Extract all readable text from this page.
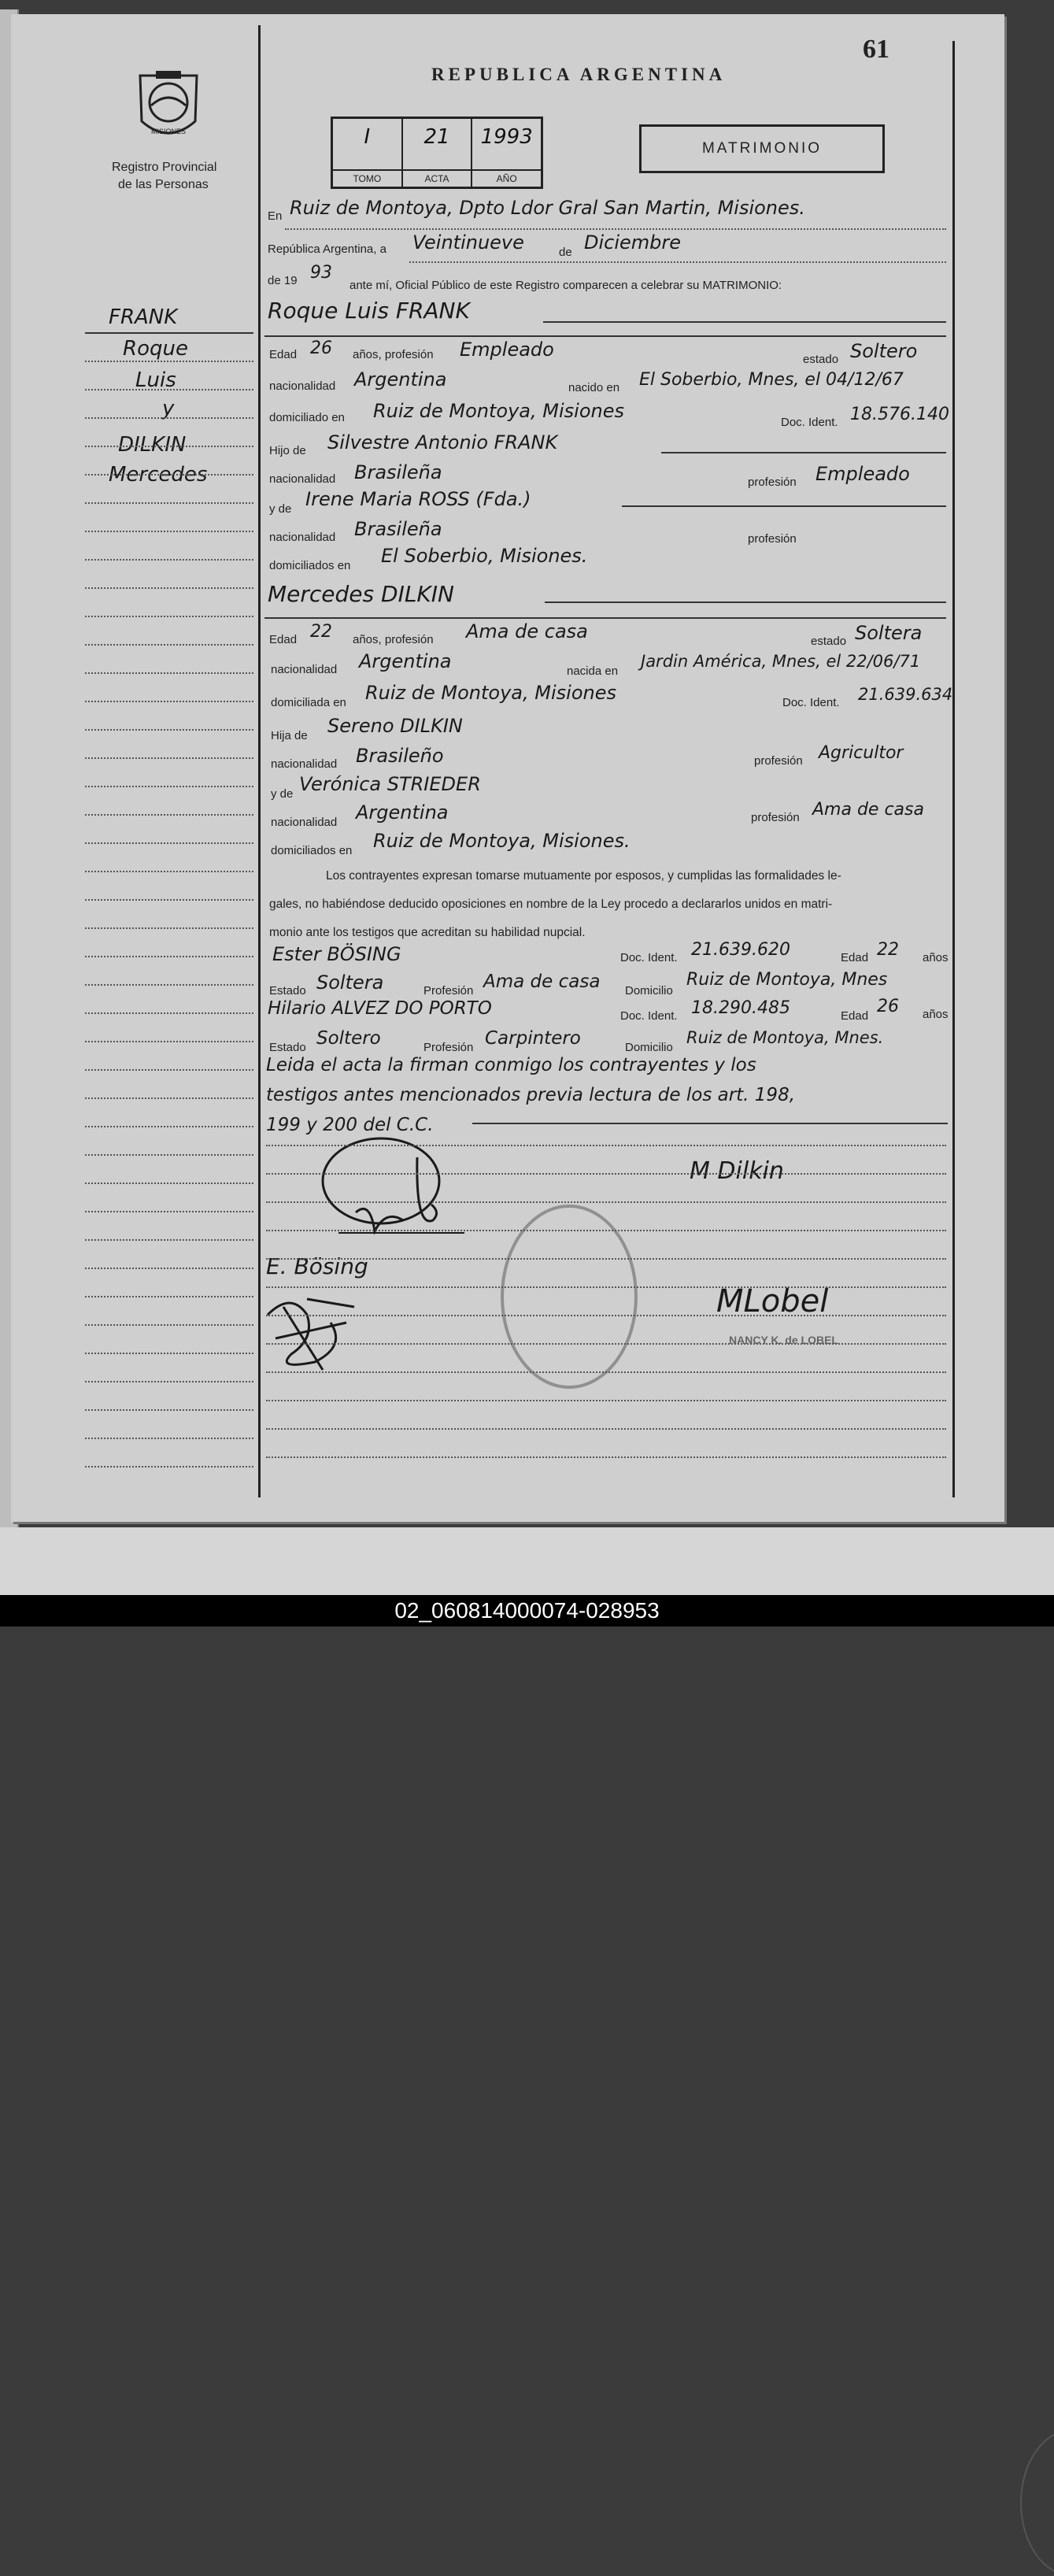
61
REPUBLICA ARGENTINA
MISIONES
Registro Provincial
de las Personas
I
TOMO
21
ACTA
1993
AÑO
MATRIMONIO
FRANK
Roque
Luis
y
DILKIN
Mercedes
En Ruiz de Montoya, Dpto Ldor Gral San Martin, Misiones.
República Argentina, a Veintinueve	de Diciembre
de 19 93
ante mí, Oficial Público de este Registro comparecen a celebrar su MATRIMONIO:
Roque Luis FRANK
Edad 26 años, profesión Empleado	estado Soltero
nacionalidad Argentina	nacido en El Soberbio, Mnes, el 04/12/67
domiciliado en Ruiz de Montoya, Misiones
Doc. Ident. 18.576.140
Hijo de Silvestre Antonio FRANK
nacionalidad Brasileña	profesión Empleado
y de Irene Maria ROSS (Fda.)
nacionalidad Brasileña	profesión
domiciliados en El Soberbio, Misiones.
Mercedes DILKIN
Edad 22 años, profesión Ama de casa	estado Soltera
nacionalidad Argentina	nacida en
Jardin América, Mnes, el 22/06/71
domiciliada en Ruiz de Montoya, Misiones	Doc. Ident. 21.639.634
Hija de Sereno DILKIN
nacionalidad Brasileño	profesión Agricultor
y de Verónica STRIEDER
nacionalidad Argentina	profesión Ama de casa
domiciliados en Ruiz de Montoya, Misiones.
Los contrayentes expresan tomarse mutuamente por esposos, y cumplidas las formalidades le-
gales, no habiéndose deducido oposiciones en nombre de la Ley procedo a declararlos unidos en matri-
monio ante los testigos que acreditan su habilidad nupcial.
Ester BÖSING	Doc. Ident. 21.639.620	Edad 22 años
Estado Soltera	Profesión Ama de casa Domicilio
Ruiz de Montoya, Mnes
Hilario ALVEZ DO PORTO	Doc. Ident. 18.290.485	Edad 26 años
Estado Soltero	Profesión Carpintero	Domicilio
Ruiz de Montoya, Mnes.
Leida el acta la firman conmigo los contrayentes y los
testigos antes mencionados previa lectura de los art. 198,
199 y 200 del C.C.
M Dilkin
E. Bösing
MLobel
NANCY K. de LOBEL
02_060814000074-028953
